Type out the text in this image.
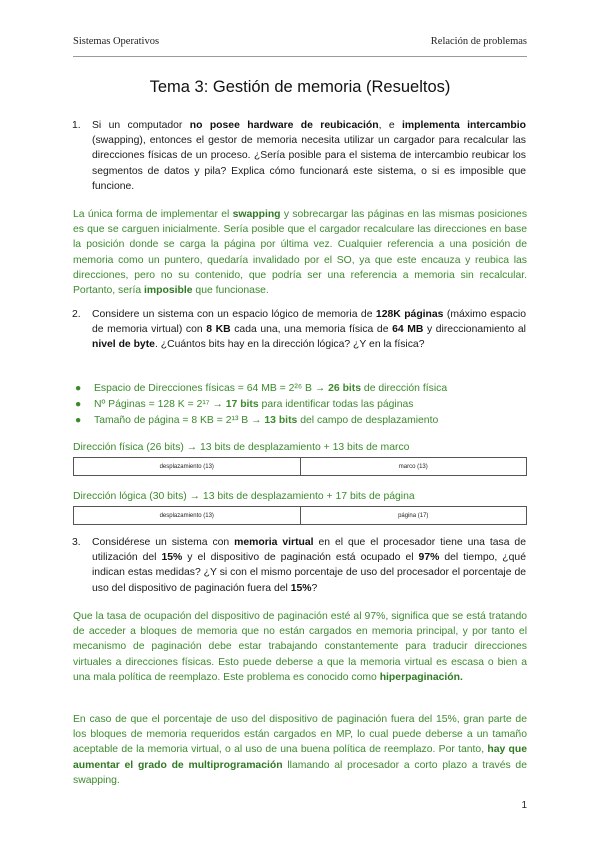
Sistemas Operativos	Relación de problemas
Tema 3: Gestión de memoria (Resueltos)
1. Si un computador no posee hardware de reubicación, e implementa intercambio (swapping), entonces el gestor de memoria necesita utilizar un cargador para recalcular las direcciones físicas de un proceso. ¿Sería posible para el sistema de intercambio reubicar los segmentos de datos y pila? Explica cómo funcionará este sistema, o si es imposible que funcione.
La única forma de implementar el swapping y sobrecargar las páginas en las mismas posiciones es que se carguen inicialmente. Sería posible que el cargador recalculare las direcciones en base la posición donde se carga la página por última vez. Cualquier referencia a una posición de memoria como un puntero, quedaría invalidado por el SO, ya que este encauza y reubica las direcciones, pero no su contenido, que podría ser una referencia a memoria sin recalcular. Portanto, sería imposible que funcionase.
2. Considere un sistema con un espacio lógico de memoria de 128K páginas (máximo espacio de memoria virtual) con 8 KB cada una, una memoria física de 64 MB y direccionamiento al nivel de byte. ¿Cuántos bits hay en la dirección lógica? ¿Y en la física?
● Espacio de Direcciones físicas = 64 MB = 2²⁶ B → 26 bits de dirección física
● Nº Páginas = 128 K = 2¹⁷ → 17 bits para identificar todas las páginas
● Tamaño de página = 8 KB = 2¹³ B → 13 bits del campo de desplazamiento
Dirección física (26 bits) → 13 bits de desplazamiento + 13 bits de marco
desplazamiento (13)	marco (13)
Dirección lógica (30 bits) → 13 bits de desplazamiento + 17 bits de página
desplazamiento (13)	página (17)
3. Considérese un sistema con memoria virtual en el que el procesador tiene una tasa de utilización del 15% y el dispositivo de paginación está ocupado el 97% del tiempo, ¿qué indican estas medidas? ¿Y si con el mismo porcentaje de uso del procesador el porcentaje de uso del dispositivo de paginación fuera del 15%?
Que la tasa de ocupación del dispositivo de paginación esté al 97%, significa que se está tratando de acceder a bloques de memoria que no están cargados en memoria principal, y por tanto el mecanismo de paginación debe estar trabajando constantemente para traducir direcciones virtuales a direcciones físicas. Esto puede deberse a que la memoria virtual es escasa o bien a una mala política de reemplazo. Este problema es conocido como hiperpaginación.
En caso de que el porcentaje de uso del dispositivo de paginación fuera del 15%, gran parte de los bloques de memoria requeridos están cargados en MP, lo cual puede deberse a un tamaño aceptable de la memoria virtual, o al uso de una buena política de reemplazo. Por tanto, hay que aumentar el grado de multiprogramación llamando al procesador a corto plazo a través de swapping.
1
